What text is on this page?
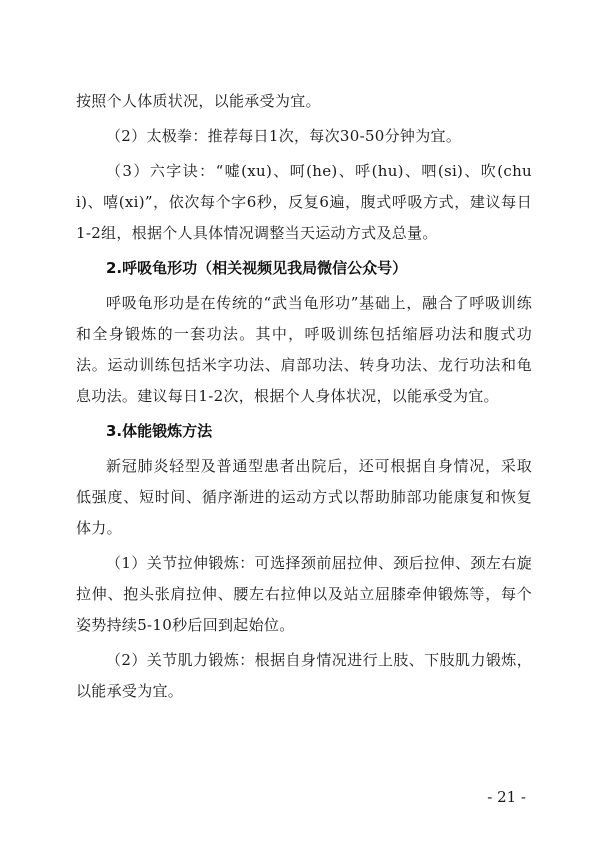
按照个人体质状况，以能承受为宜。

（2）太极拳：推荐每日1次，每次30-50分钟为宜。

（3）六字诀：“嘘(xu)、呵(he)、呼(hu)、呬(si)、吹(chui)、嘻(xi)”，依次每个字6秒，反复6遍，腹式呼吸方式，建议每日1-2组，根据个人具体情况调整当天运动方式及总量。

2.呼吸龟形功（相关视频见我局微信公众号）

呼吸龟形功是在传统的“武当龟形功”基础上，融合了呼吸训练和全身锻炼的一套功法。其中，呼吸训练包括缩唇功法和腹式功法。运动训练包括米字功法、肩部功法、转身功法、龙行功法和龟息功法。建议每日1-2次，根据个人身体状况，以能承受为宜。

3.体能锻炼方法

新冠肺炎轻型及普通型患者出院后，还可根据自身情况，采取低强度、短时间、循序渐进的运动方式以帮助肺部功能康复和恢复体力。

（1）关节拉伸锻炼：可选择颈前屈拉伸、颈后拉伸、颈左右旋拉伸、抱头张肩拉伸、腰左右拉伸以及站立屈膝牵伸锻炼等，每个姿势持续5-10秒后回到起始位。

（2）关节肌力锻炼：根据自身情况进行上肢、下肢肌力锻炼，以能承受为宜。

- 21 -
